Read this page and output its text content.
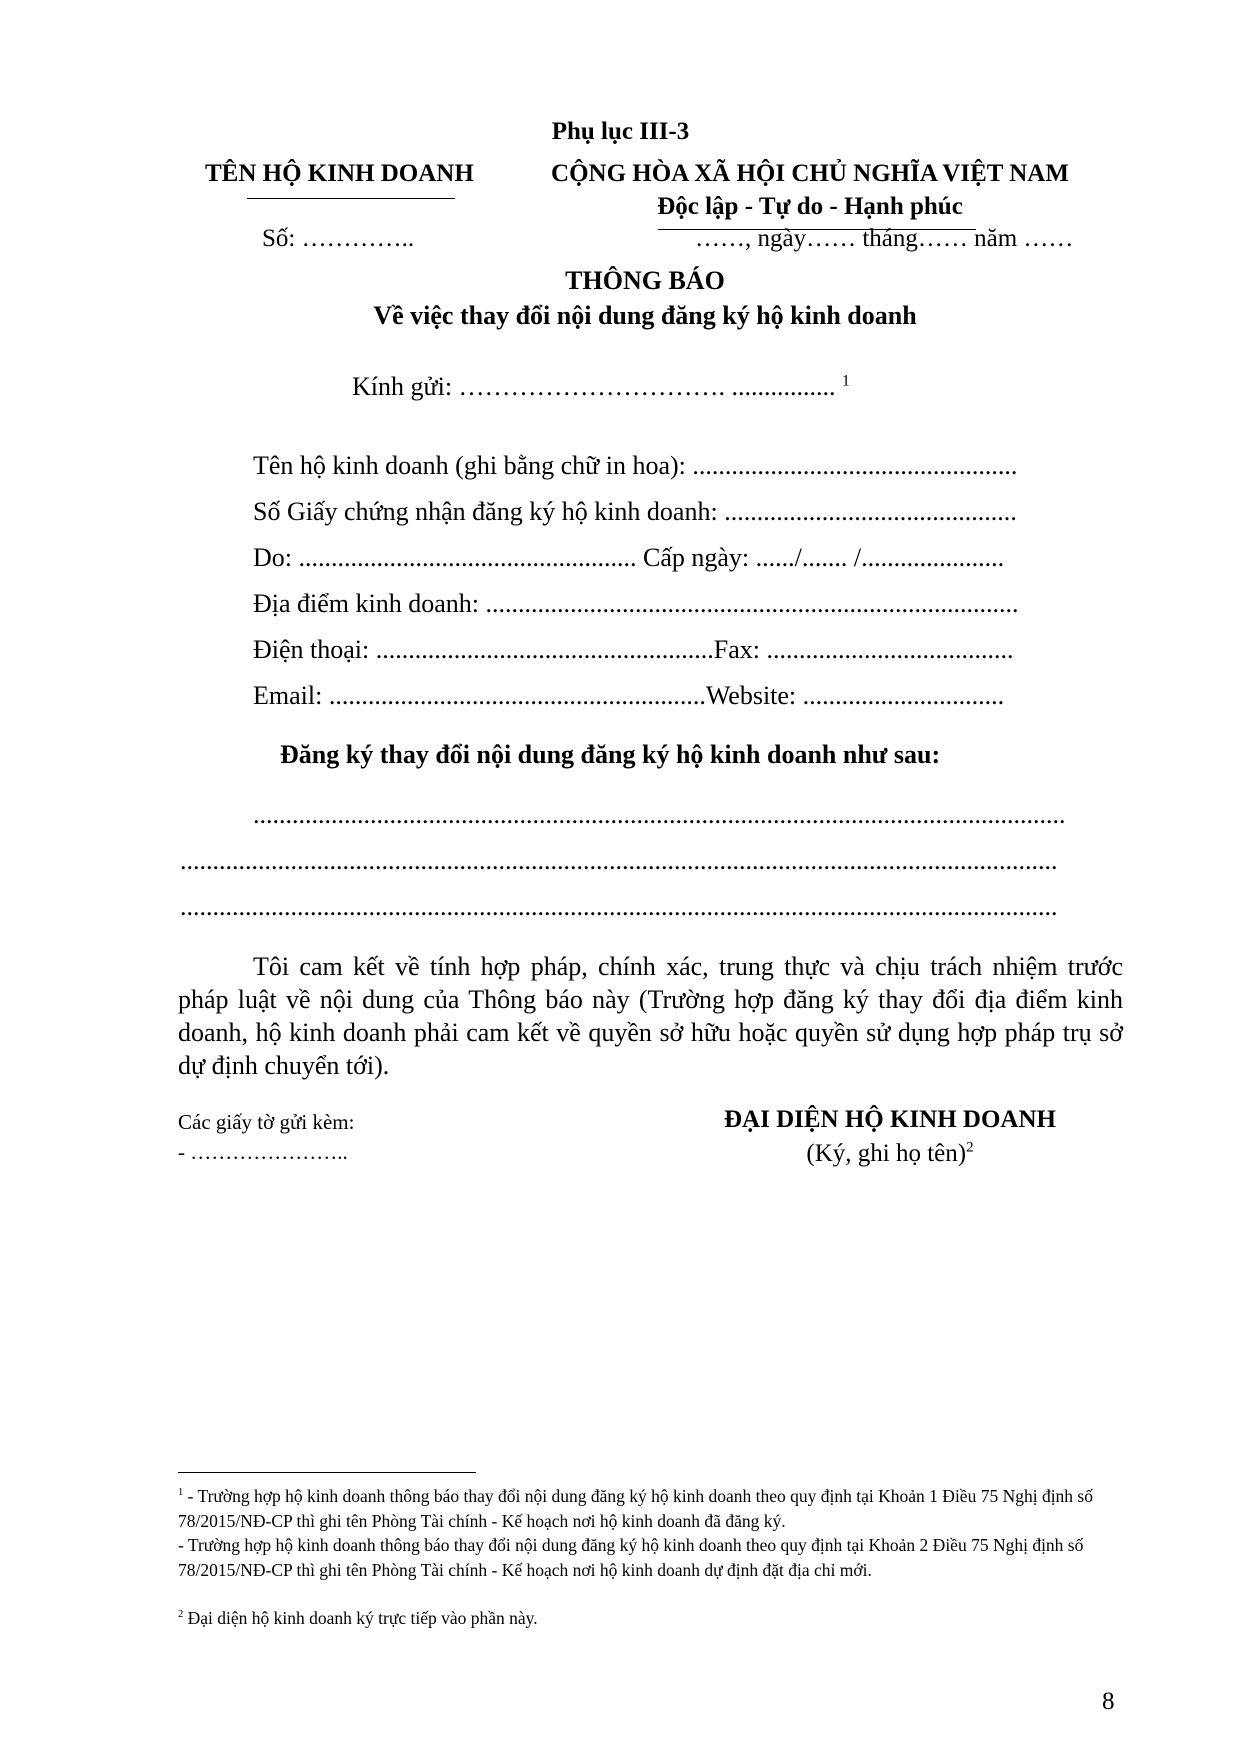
Phụ lục III-3
TÊN HỘ KINH DOANH	CỘNG HÒA XÃ HỘI CHỦ NGHĨA VIỆT NAM
Độc lập - Tự do - Hạnh phúc
Số: …………..	……, ngày…… tháng…… năm ……
THÔNG BÁO
Về việc thay đổi nội dung đăng ký hộ kinh doanh
Kính gửi: …………………………. ................ $^1$
Tên hộ kinh doanh (ghi bằng chữ in hoa): ..................................................
Số Giấy chứng nhận đăng ký hộ kinh doanh: .............................................
Do: .................................................... Cấp ngày: ....../....... /......................
Địa điểm kinh doanh: ..................................................................................
Điện thoại: ....................................................Fax: ......................................
Email: ..........................................................Website: ...............................
Đăng ký thay đổi nội dung đăng ký hộ kinh doanh như sau:
.............................................................................................................................
.......................................................................................................................................
.......................................................................................................................................
Tôi cam kết về tính hợp pháp, chính xác, trung thực và chịu trách nhiệm trước pháp luật về nội dung của Thông báo này (Trường hợp đăng ký thay đổi địa điểm kinh doanh, hộ kinh doanh phải cam kết về quyền sở hữu hoặc quyền sử dụng hợp pháp trụ sở dự định chuyển tới).
Các giấy tờ gửi kèm:
- …………………..
ĐẠI DIỆN HỘ KINH DOANH
(Ký, ghi họ tên)$^2$
$^1$ - Trường hợp hộ kinh doanh thông báo thay đổi nội dung đăng ký hộ kinh doanh theo quy định tại Khoản 1 Điều 75 Nghị định số 78/2015/NĐ-CP thì ghi tên Phòng Tài chính - Kế hoạch nơi hộ kinh doanh đã đăng ký.
- Trường hợp hộ kinh doanh thông báo thay đổi nội dung đăng ký hộ kinh doanh theo quy định tại Khoản 2 Điều 75 Nghị định số 78/2015/NĐ-CP thì ghi tên Phòng Tài chính - Kế hoạch nơi hộ kinh doanh dự định đặt địa chỉ mới.
$^2$ Đại diện hộ kinh doanh ký trực tiếp vào phần này.
8
